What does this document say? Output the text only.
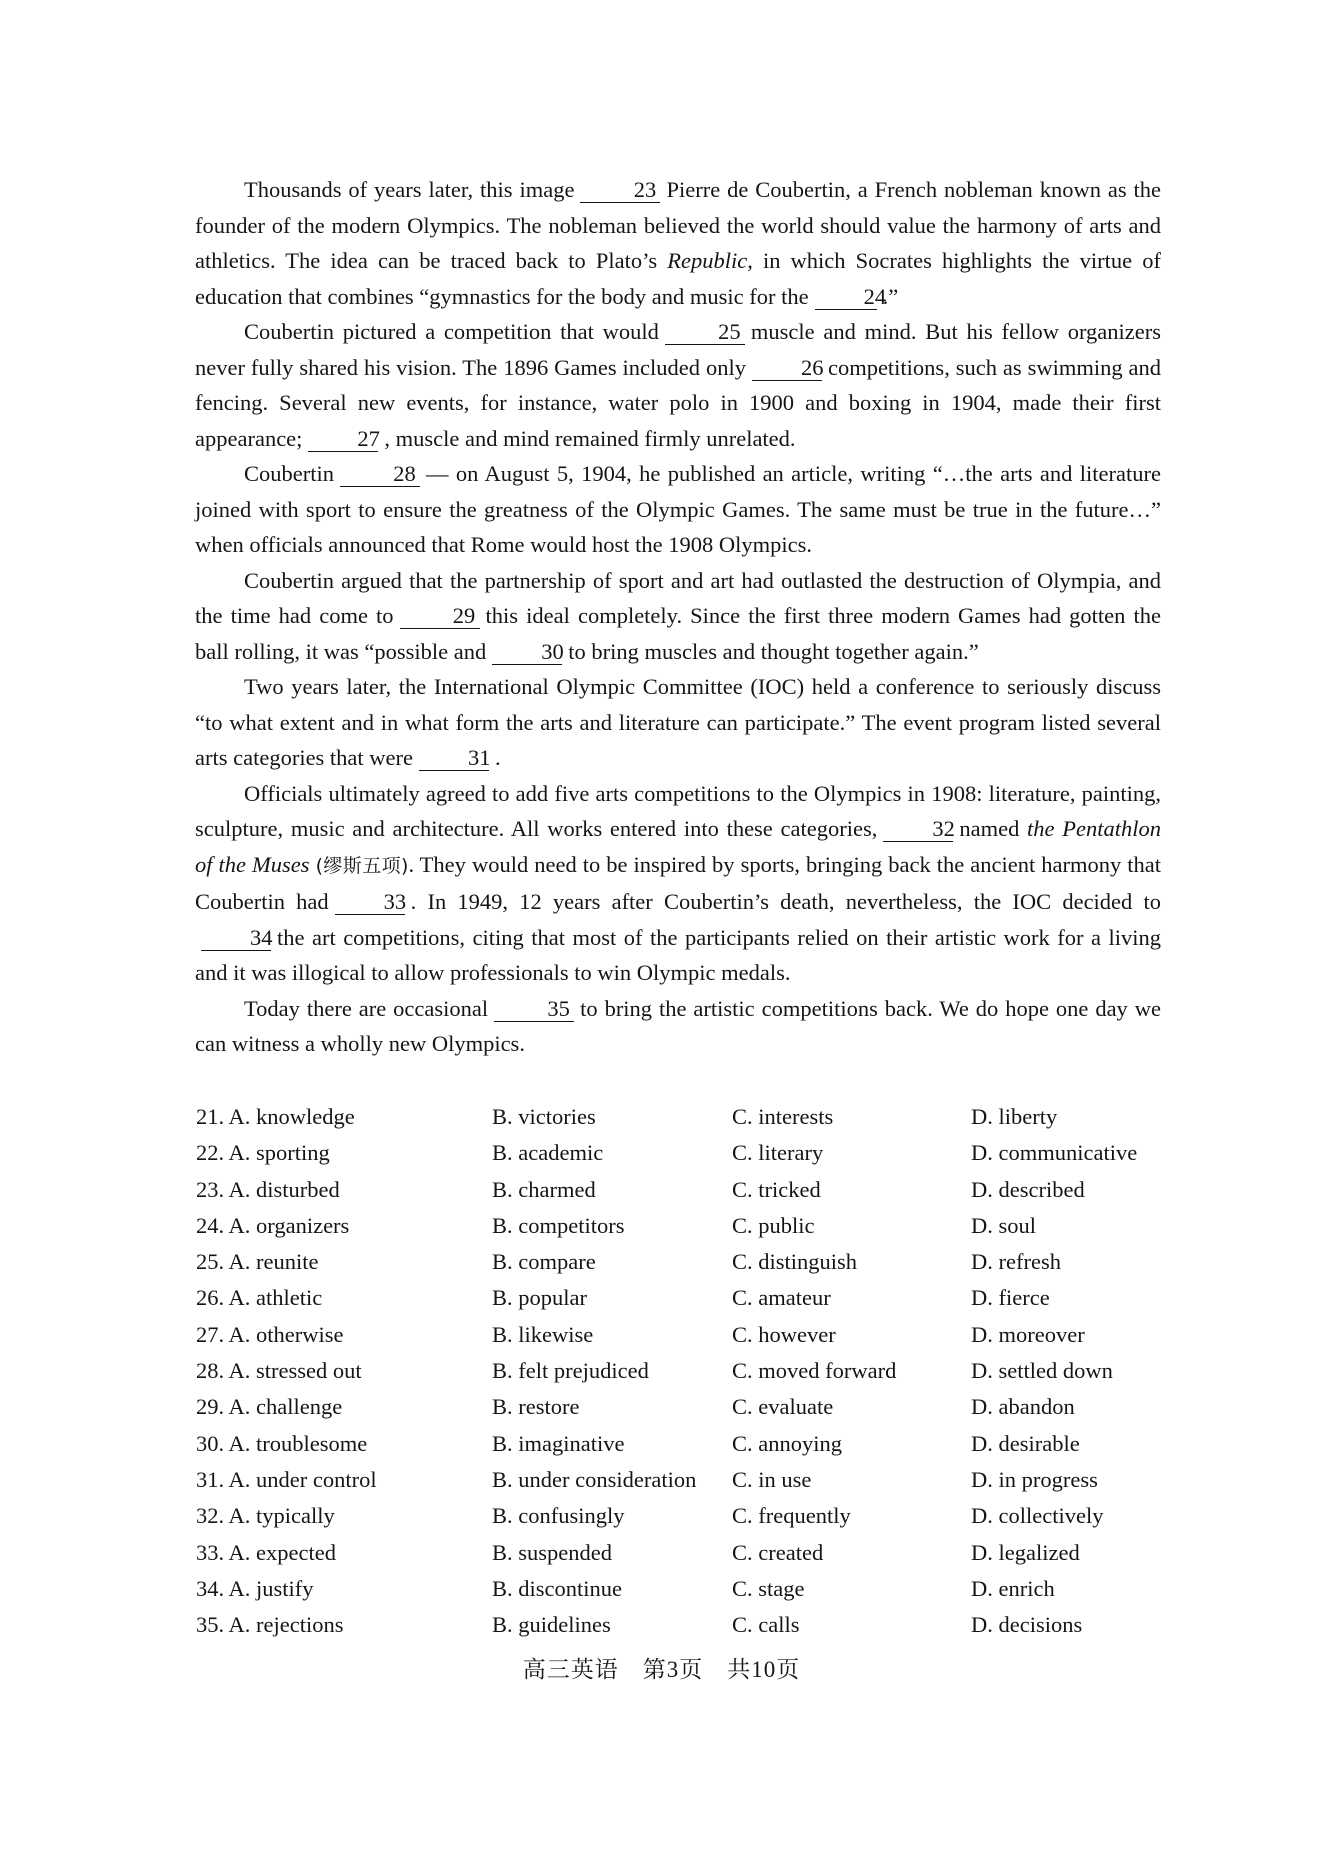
Thousands of years later, this image	23 Pierre de Coubertin, a French nobleman known as the founder of the modern Olympics. The nobleman believed the world should value the harmony of arts and athletics. The idea can be traced back to Plato’s Republic, in which Socrates highlights the virtue of education that combines “gymnastics for the body and music for the 24.”

Coubertin pictured a competition that would	25 muscle and mind. But his fellow organizers never fully shared his vision. The 1896 Games included only 26 competitions, such as swimming and fencing. Several new events, for instance, water polo in 1900 and boxing in 1904, made their first appearance; 27 , muscle and mind remained firmly unrelated.

Coubertin	28 — on August 5, 1904, he published an article, writing “…the arts and literature joined with sport to ensure the greatness of the Olympic Games. The same must be true in the future…” when officials announced that Rome would host the 1908 Olympics.

Coubertin argued that the partnership of sport and art had outlasted the destruction of Olympia, and the time had come to	29 this ideal completely. Since the first three modern Games had gotten the ball rolling, it was “possible and 30 to bring muscles and thought together again.”

Two years later, the International Olympic Committee (IOC) held a conference to seriously discuss “to what extent and in what form the arts and literature can participate.” The event program listed several arts categories that were 31 .

Officials ultimately agreed to add five arts competitions to the Olympics in 1908: literature, painting, sculpture, music and architecture. All works entered into these categories, 32 named the Pentathlon of the Muses (缪斯五项). They would need to be inspired by sports, bringing back the ancient harmony that Coubertin had 33 . In 1949, 12 years after Coubertin’s death, nevertheless, the IOC decided to34 the art competitions, citing that most of the participants relied on their artistic work for a living and it was illogical to allow professionals to win Olympic medals.

Today there are occasional	35 to bring the artistic competitions back. We do hope one day we can witness a wholly new Olympics.

21. A. knowledge	B. victories	C. interests	D. liberty
22. A. sporting	B. academic	C. literary	D. communicative
23. A. disturbed	B. charmed	C. tricked	D. described
24. A. organizers	B. competitors	C. public	D. soul
25. A. reunite	B. compare	C. distinguish	D. refresh
26. A. athletic	B. popular	C. amateur	D. fierce
27. A. otherwise	B. likewise	C. however	D. moreover
28. A. stressed out	B. felt prejudiced	C. moved forward	D. settled down
29. A. challenge	B. restore	C. evaluate	D. abandon
30. A. troublesome	B. imaginative	C. annoying	D. desirable
31. A. under control	B. under consideration C. in use	D. in progress
32. A. typically	B. confusingly	C. frequently	D. collectively
33. A. expected	B. suspended	C. created	D. legalized
34. A. justify	B. discontinue	C. stage	D. enrich
35. A. rejections	B. guidelines	C. calls	D. decisions
高三英语　第3页　共10页
